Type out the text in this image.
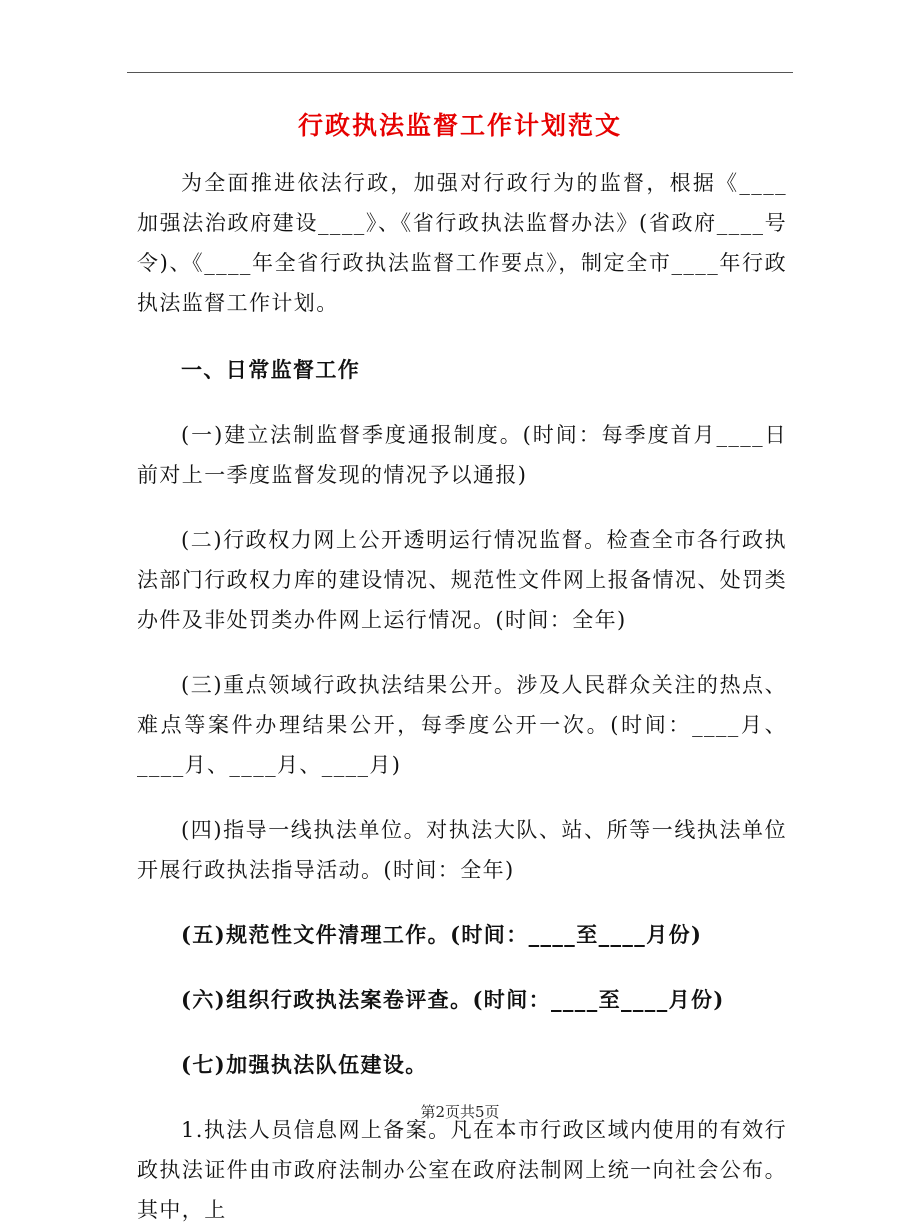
行政执法监督工作计划范文

为全面推进依法行政，加强对行政行为的监督，根据《____加强法治政府建设____》、《省行政执法监督办法》(省政府____号令)、《____年全省行政执法监督工作要点》，制定全市____年行政执法监督工作计划。

一、日常监督工作

(一)建立法制监督季度通报制度。(时间：每季度首月____日前对上一季度监督发现的情况予以通报)

(二)行政权力网上公开透明运行情况监督。检查全市各行政执法部门行政权力库的建设情况、规范性文件网上报备情况、处罚类办件及非处罚类办件网上运行情况。(时间：全年)

(三)重点领域行政执法结果公开。涉及人民群众关注的热点、难点等案件办理结果公开，每季度公开一次。(时间：____月、____月、____月、____月)

(四)指导一线执法单位。对执法大队、站、所等一线执法单位开展行政执法指导活动。(时间：全年)

(五)规范性文件清理工作。(时间：____至____月份)

(六)组织行政执法案卷评查。(时间：____至____月份)

(七)加强执法队伍建设。

1.执法人员信息网上备案。凡在本市行政区域内使用的有效行政执法证件由市政府法制办公室在政府法制网上统一向社会公布。其中，上

第2页共5页
